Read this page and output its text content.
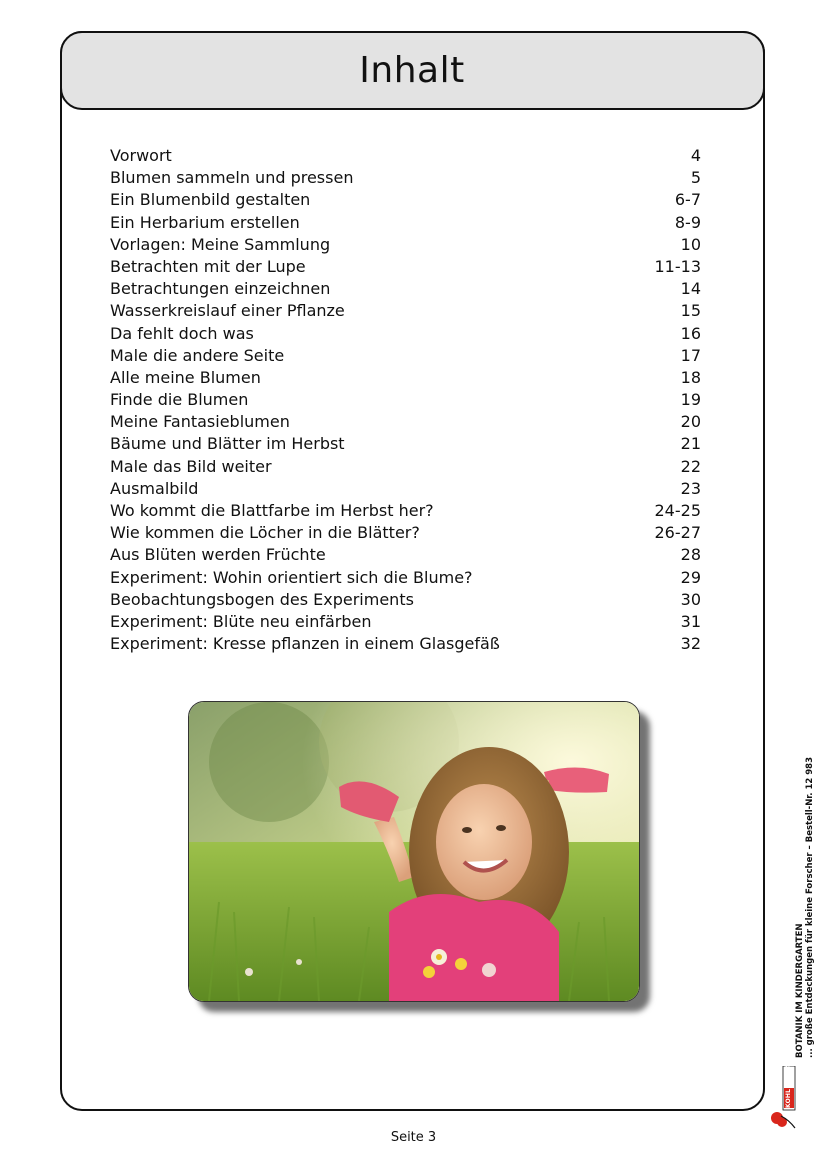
Inhalt
Vorwort	4
Blumen sammeln und pressen	5
Ein Blumenbild gestalten	6-7
Ein Herbarium erstellen	8-9
Vorlagen: Meine Sammlung	10
Betrachten mit der Lupe	11-13
Betrachtungen einzeichnen	14
Wasserkreislauf einer Pflanze	15
Da fehlt doch was	16
Male die andere Seite	17
Alle meine Blumen	18
Finde die Blumen	19
Meine Fantasieblumen	20
Bäume und Blätter im Herbst	21
Male das Bild weiter	22
Ausmalbild	23
Wo kommt die Blattfarbe im Herbst her?	24-25
Wie kommen die Löcher in die Blätter?	26-27
Aus Blüten werden Früchte	28
Experiment: Wohin orientiert sich die Blume?	29
Beobachtungsbogen des Experiments	30
Experiment: Blüte neu einfärben	31
Experiment: Kresse pflanzen in einem Glasgefäß	32
BOTANIK IM KINDERGARTEN ... große Entdeckungen für kleine Forscher – Bestell-Nr. 12 983
KOHL VERLAG
Seite 3
